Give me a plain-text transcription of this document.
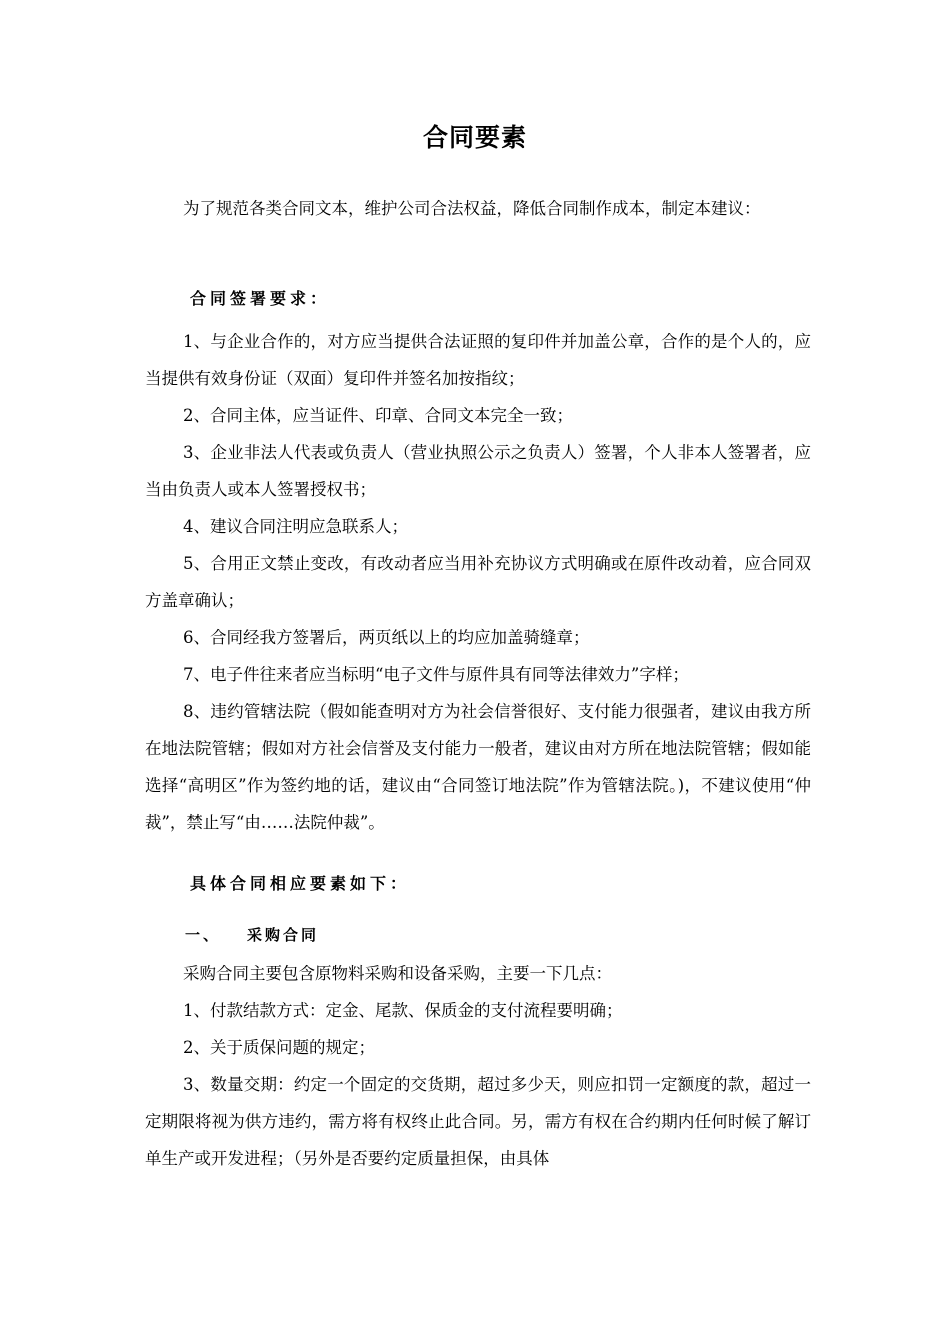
合同要素

为了规范各类合同文本，维护公司合法权益，降低合同制作成本，制定本建议：

合同签署要求：

1、与企业合作的，对方应当提供合法证照的复印件并加盖公章，合作的是个人的，应当提供有效身份证（双面）复印件并签名加按指纹；

2、合同主体，应当证件、印章、合同文本完全一致；

3、企业非法人代表或负责人（营业执照公示之负责人）签署，个人非本人签署者，应当由负责人或本人签署授权书；

4、建议合同注明应急联系人；

5、合用正文禁止变改，有改动者应当用补充协议方式明确或在原件改动着，应合同双方盖章确认；

6、合同经我方签署后，两页纸以上的均应加盖骑缝章；

7、电子件往来者应当标明“电子文件与原件具有同等法律效力”字样；

8、违约管辖法院（假如能查明对方为社会信誉很好、支付能力很强者，建议由我方所在地法院管辖；假如对方社会信誉及支付能力一般者，建议由对方所在地法院管辖；假如能选择“高明区”作为签约地的话，建议由“合同签订地法院”作为管辖法院。)，不建议使用“仲裁”，禁止写“由……法院仲裁”。

具体合同相应要素如下：

一、 采购合同

采购合同主要包含原物料采购和设备采购，主要一下几点：

1、付款结款方式：定金、尾款、保质金的支付流程要明确；

2、关于质保问题的规定；

3、数量交期：约定一个固定的交货期，超过多少天，则应扣罚一定额度的款，超过一定期限将视为供方违约，需方将有权终止此合同。另，需方有权在合约期内任何时候了解订单生产或开发进程；（另外是否要约定质量担保，由具体
